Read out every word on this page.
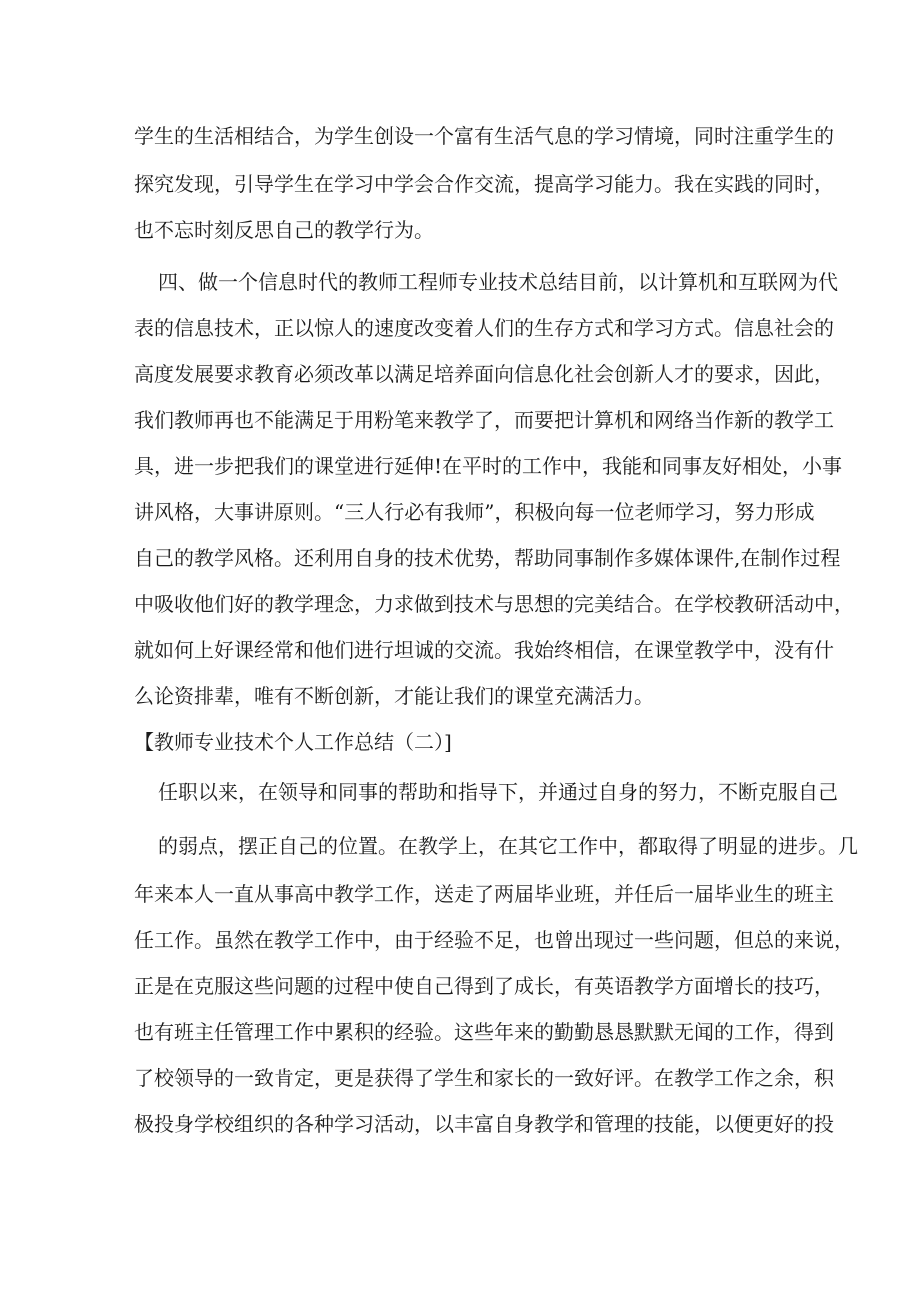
学生的生活相结合，为学生创设一个富有生活气息的学习情境，同时注重学生的

探究发现，引导学生在学习中学会合作交流，提高学习能力。我在实践的同时，

也不忘时刻反思自己的教学行为。

四、做一个信息时代的教师工程师专业技术总结目前，以计算机和互联网为代

表的信息技术，正以惊人的速度改变着人们的生存方式和学习方式。信息社会的

高度发展要求教育必须改革以满足培养面向信息化社会创新人才的要求，因此，

我们教师再也不能满足于用粉笔来教学了，而要把计算机和网络当作新的教学工

具，进一步把我们的课堂进行延伸!在平时的工作中，我能和同事友好相处，小事

讲风格，大事讲原则。“三人行必有我师”，积极向每一位老师学习，努力形成

自己的教学风格。还利用自身的技术优势，帮助同事制作多媒体课件,在制作过程

中吸收他们好的教学理念，力求做到技术与思想的完美结合。在学校教研活动中，

就如何上好课经常和他们进行坦诚的交流。我始终相信，在课堂教学中，没有什

么论资排辈，唯有不断创新，才能让我们的课堂充满活力。

【教师专业技术个人工作总结（二）]

任职以来，在领导和同事的帮助和指导下，并通过自身的努力，不断克服自己

的弱点，摆正自己的位置。在教学上，在其它工作中，都取得了明显的进步。几

年来本人一直从事高中教学工作，送走了两届毕业班，并任后一届毕业生的班主

任工作。虽然在教学工作中，由于经验不足，也曾出现过一些问题，但总的来说，

正是在克服这些问题的过程中使自己得到了成长，有英语教学方面增长的技巧，

也有班主任管理工作中累积的经验。这些年来的勤勤恳恳默默无闻的工作，得到

了校领导的一致肯定，更是获得了学生和家长的一致好评。在教学工作之余，积

极投身学校组织的各种学习活动，以丰富自身教学和管理的技能，以便更好的投
